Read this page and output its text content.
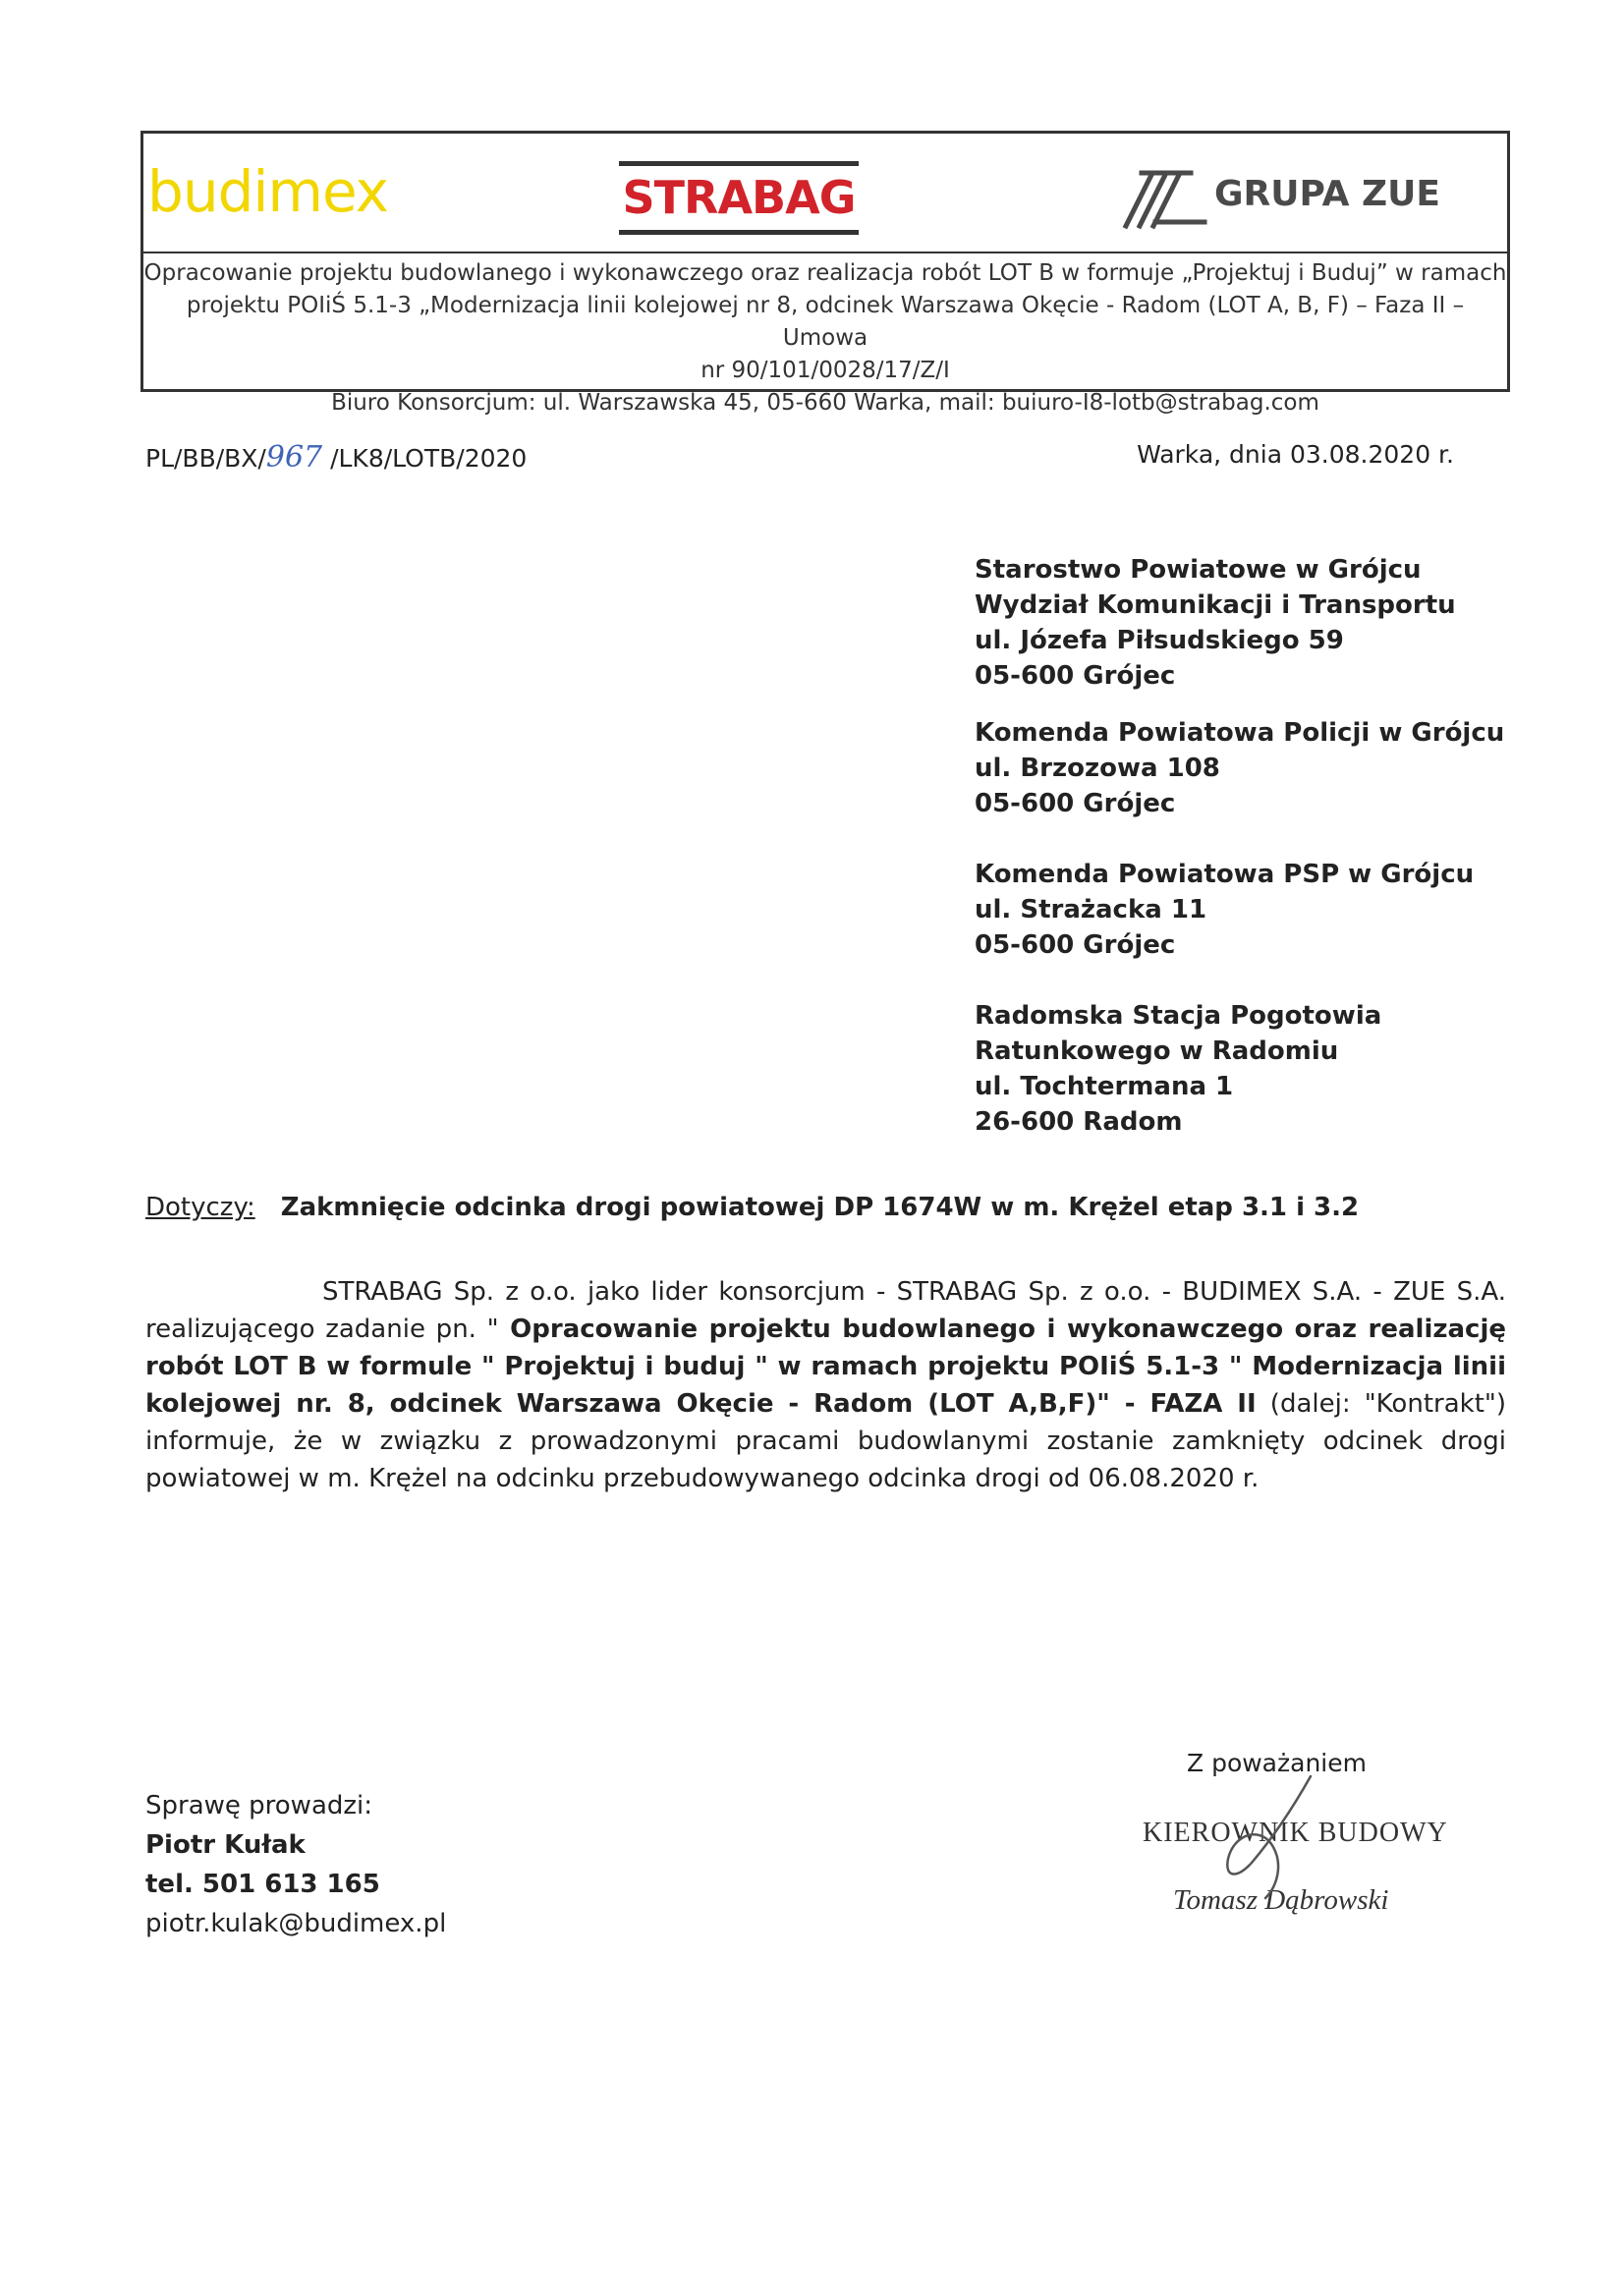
budimex	STRABAG	GRUPA ZUE
Opracowanie projektu budowlanego i wykonawczego oraz realizacja robót LOT B w formuje „Projektuj i Buduj” w ramach
projektu POIiŚ 5.1-3 „Modernizacja linii kolejowej nr 8, odcinek Warszawa Okęcie - Radom (LOT A, B, F) – Faza II – Umowa
nr 90/101/0028/17/Z/I
Biuro Konsorcjum: ul. Warszawska 45, 05-660 Warka, mail: buiuro-I8-lotb@strabag.com
PL/BB/BX/967 /LK8/LOTB/2020	Warka, dnia 03.08.2020 r.
Starostwo Powiatowe w Grójcu
Wydział Komunikacji i Transportu
ul. Józefa Piłsudskiego 59
05-600 Grójec
Komenda Powiatowa Policji w Grójcu
ul. Brzozowa 108
05-600 Grójec
Komenda Powiatowa PSP w Grójcu
ul. Strażacka 11
05-600 Grójec
Radomska Stacja Pogotowia
Ratunkowego w Radomiu
ul. Tochtermana 1
26-600 Radom
Dotyczy: Zakmnięcie odcinka drogi powiatowej DP 1674W w m. Krężel etap 3.1 i 3.2
STRABAG Sp. z o.o. jako lider konsorcjum - STRABAG Sp. z o.o. - BUDIMEX S.A. - ZUE S.A. realizującego zadanie pn. " Opracowanie projektu budowlanego i wykonawczego oraz realizację robót LOT B w formule " Projektuj i buduj " w ramach projektu POIiŚ 5.1-3 " Modernizacja linii kolejowej nr. 8, odcinek Warszawa Okęcie - Radom (LOT A,B,F)" - FAZA II (dalej: "Kontrakt") informuje, że w związku z prowadzonymi pracami budowlanymi zostanie zamknięty odcinek drogi powiatowej w m. Krężel na odcinku przebudowywanego odcinka drogi od 06.08.2020 r.
Sprawę prowadzi:
Piotr Kułak
tel. 501 613 165
piotr.kulak@budimex.pl
Z poważaniem
KIEROWNIK BUDOWY
Tomasz Dąbrowski
